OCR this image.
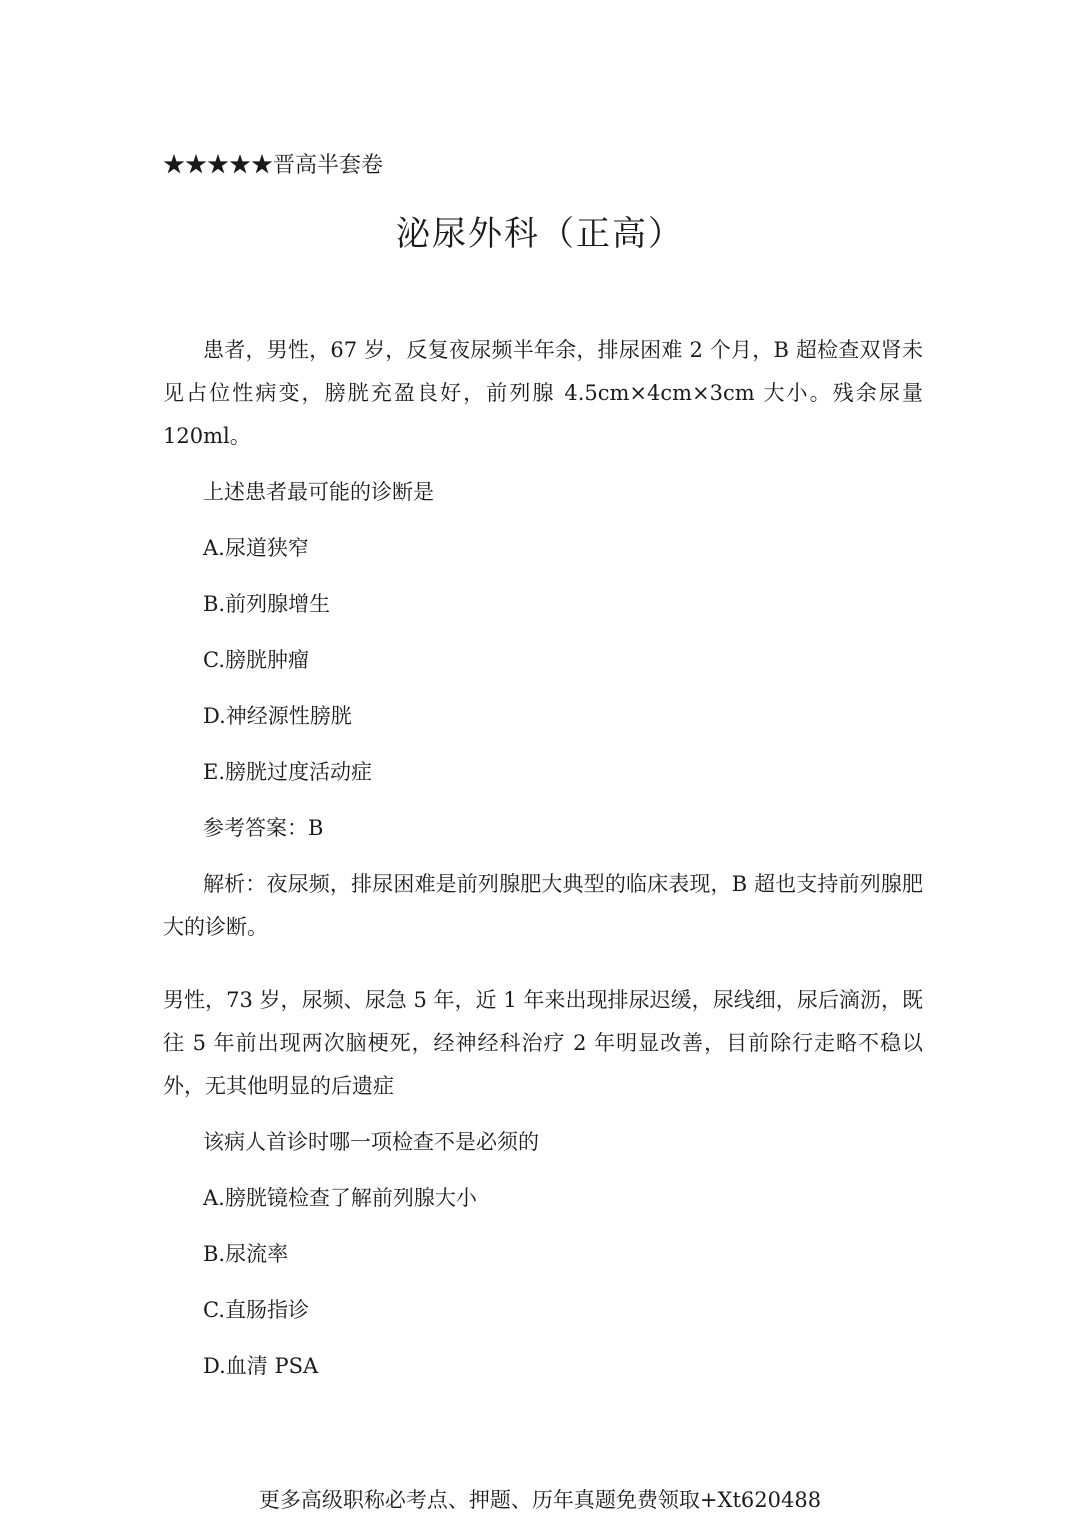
★★★★★晋高半套卷
泌尿外科（正高）

患者，男性，67 岁，反复夜尿频半年余，排尿困难 2 个月，B 超检查双肾未见占位性病变，膀胱充盈良好，前列腺 4.5cm×4cm×3cm 大小。残余尿量 120ml。

上述患者最可能的诊断是

A.尿道狭窄

B.前列腺增生

C.膀胱肿瘤

D.神经源性膀胱

E.膀胱过度活动症

参考答案：B

解析：夜尿频，排尿困难是前列腺肥大典型的临床表现，B 超也支持前列腺肥大的诊断。

男性，73 岁，尿频、尿急 5 年，近 1 年来出现排尿迟缓，尿线细，尿后滴沥，既往 5 年前出现两次脑梗死，经神经科治疗 2 年明显改善，目前除行走略不稳以外，无其他明显的后遗症

该病人首诊时哪一项检查不是必须的

A.膀胱镜检查了解前列腺大小

B.尿流率

C.直肠指诊

D.血清 PSA

更多高级职称必考点、押题、历年真题免费领取+Xt620488
